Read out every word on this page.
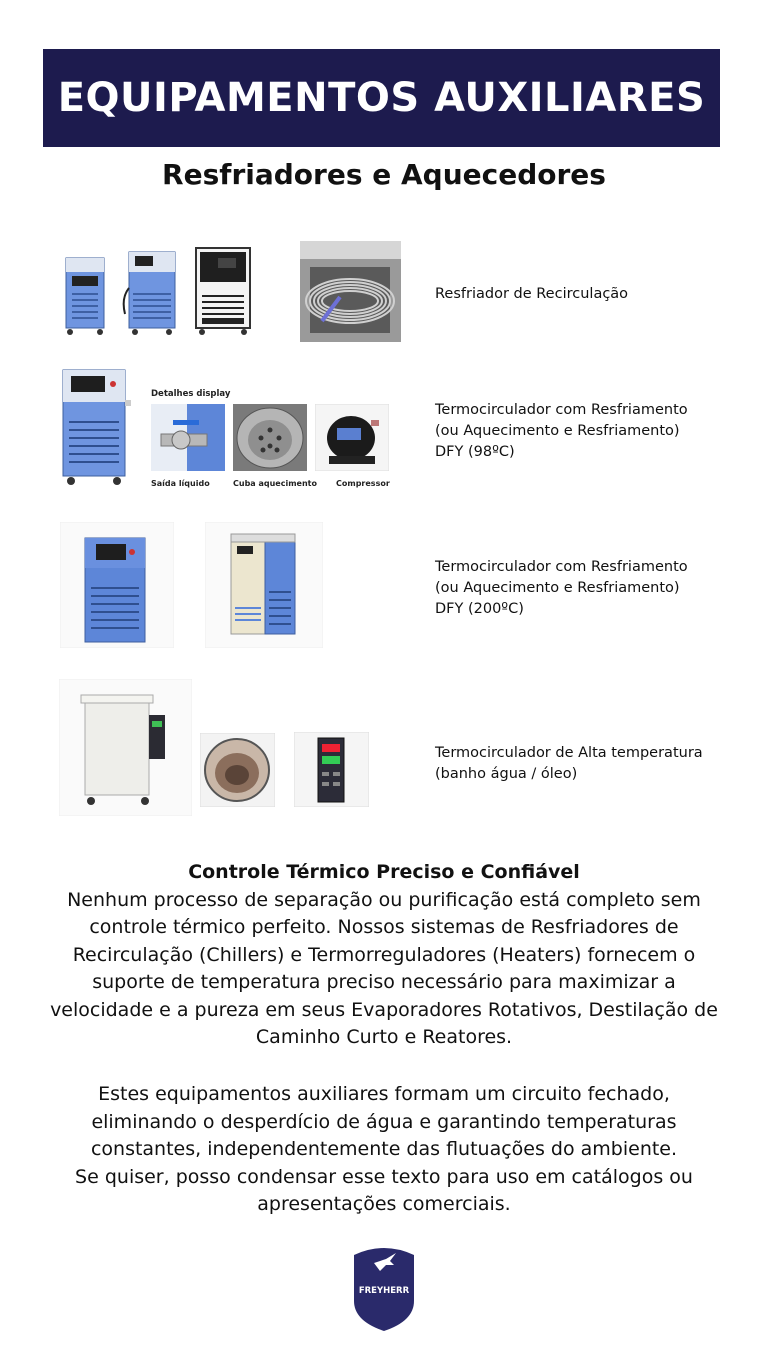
EQUIPAMENTOS AUXILIARES
Resfriadores e Aquecedores
Resfriador de Recirculação
Detalhes display
Saída líquido	Cuba aquecimento Compressor
Termocirculador com Resfriamento
(ou Aquecimento e Resfriamento)
DFY (98ºC)
Termocirculador com Resfriamento
(ou Aquecimento e Resfriamento)
DFY (200ºC)
Termocirculador de Alta temperatura
(banho água / óleo)
Controle Térmico Preciso e Confiável
Nenhum processo de separação ou purificação está completo sem
controle térmico perfeito. Nossos sistemas de Resfriadores de
Recirculação (Chillers) e Termorreguladores (Heaters) fornecem o
suporte de temperatura preciso necessário para maximizar a
velocidade e a pureza em seus Evaporadores Rotativos, Destilação de
Caminho Curto e Reatores.
Estes equipamentos auxiliares formam um circuito fechado,
eliminando o desperdício de água e garantindo temperaturas
constantes, independentemente das flutuações do ambiente.
Se quiser, posso condensar esse texto para uso em catálogos ou
apresentações comerciais.
FREYHERR
